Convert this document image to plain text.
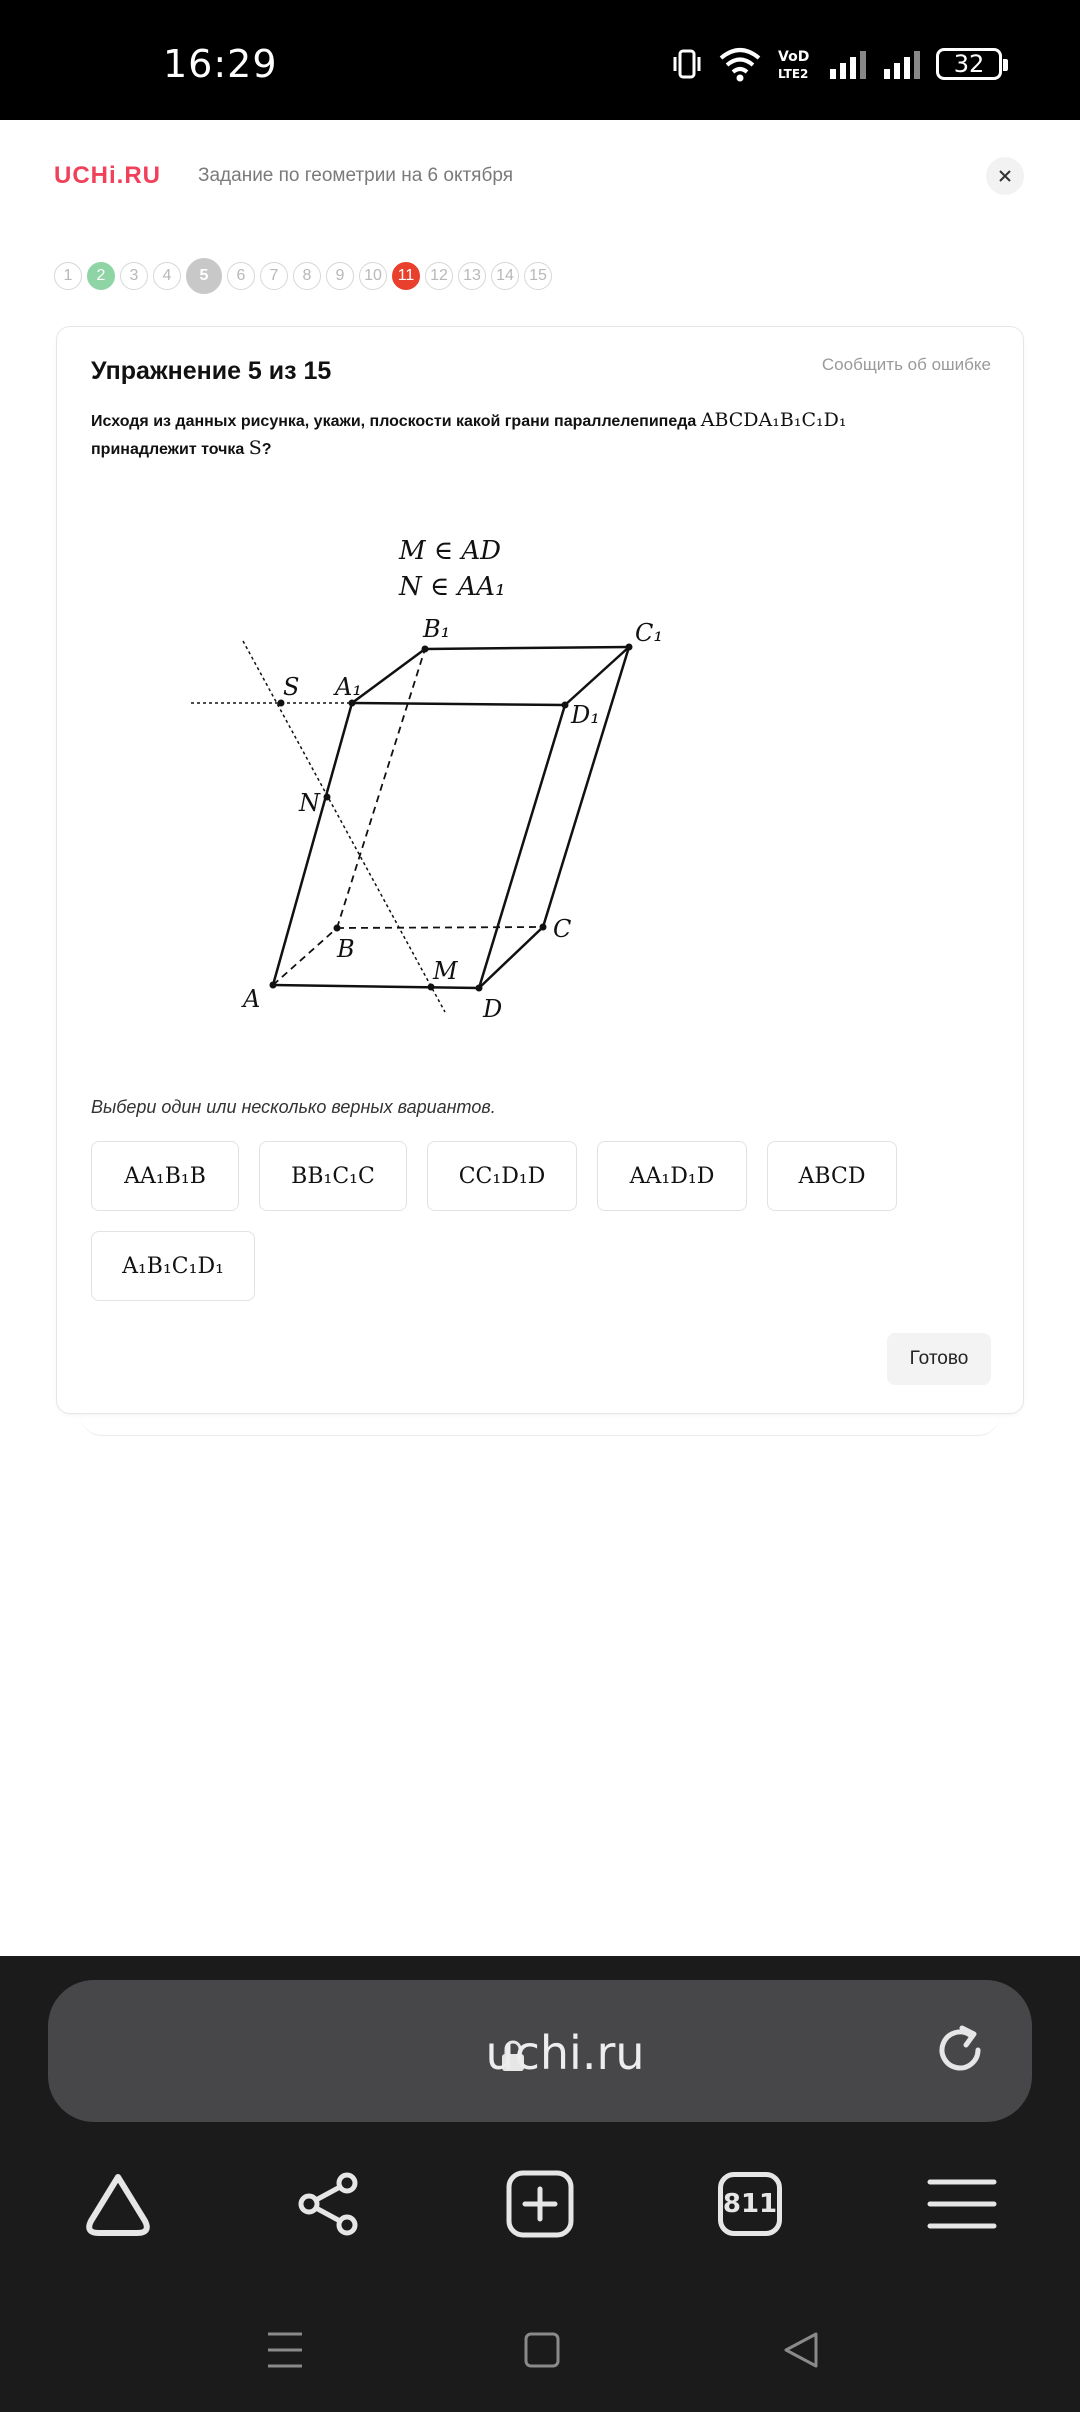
16:29	VoD
LTE2	32
UCHi.RU Задание по геометрии на 6 октября
1	2	3	4	5	6	7	8	9	10 11 12 13 14 15
Упражнение 5 из 15	Сообщить об ошибке
Исходя из данных рисунка, укажи, плоскости какой грани параллелепипеда ABCDA₁B₁C₁D₁
принадлежит точка S?
M ∈ AD
N ∈ AA₁
A
B
C
D
A₁
B₁	C₁
D₁
S
N
M
Выбери один или несколько верных вариантов.
AA₁B₁B	BB₁C₁C	CC₁D₁D	AA₁D₁D	ABCD
A₁B₁C₁D₁
Готово
uchi.ru
811
